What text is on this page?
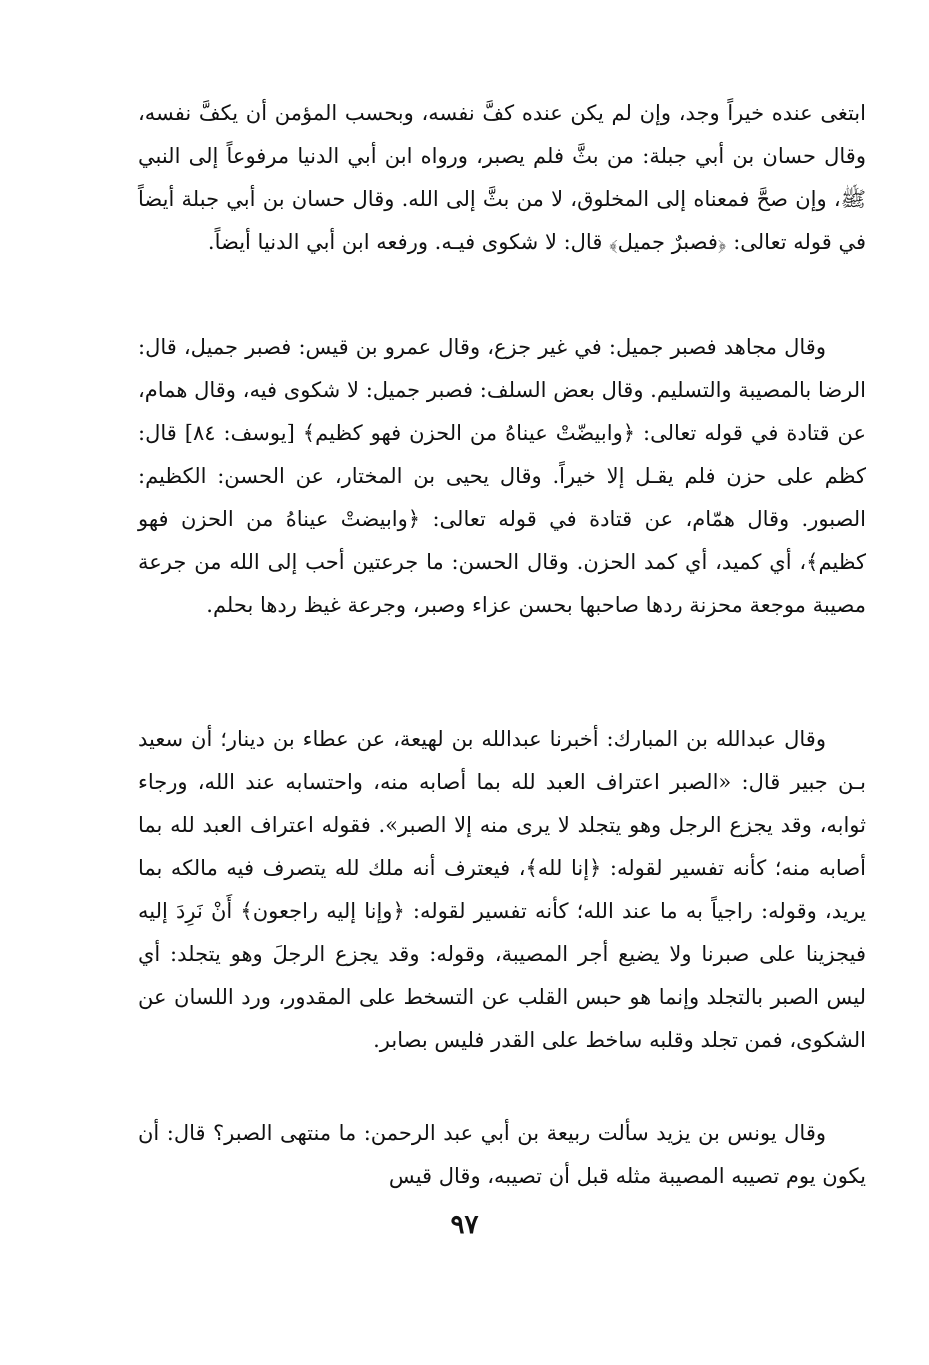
ابتغى عنده خيراً وجد، وإن لم يكن عنده كفَّ نفسه، وبحسب المؤمن أن يكفَّ نفسه، وقال حسان بن أبي جبلة: من بثَّ فلم يصبر، ورواه ابن أبي الدنيا مرفوعاً إلى النبي ﷺ، وإن صحَّ فمعناه إلى المخلوق، لا من بثَّ إلى الله. وقال حسان بن أبي جبلة أيضاً في قوله تعالى: ﴿فصبرٌ جميل﴾ قال: لا شكوى فيـه. ورفعه ابن أبي الدنيا أيضاً.

وقال مجاهد فصبر جميل: في غير جزع، وقال عمرو بن قيس: فصبر جميل، قال: الرضا بالمصيبة والتسليم. وقال بعض السلف: فصبر جميل: لا شكوى فيه، وقال همام، عن قتادة في قوله تعالى: ﴿وابيضّتْ عيناهُ من الحزن فهو كظيم﴾ [يوسف: ٨٤] قال: كظم على حزن فلم يقـل إلا خيراً. وقال يحيى بن المختار، عن الحسن: الكظيم: الصبور. وقال همّام، عن قتادة في قوله تعالى: ﴿وابيضتْ عيناهُ من الحزن فهو كظيم﴾، أي كميد، أي كمد الحزن. وقال الحسن: ما جرعتين أحب إلى الله من جرعة مصيبة موجعة محزنة ردها صاحبها بحسن عزاء وصبر، وجرعة غيظ ردها بحلم.

وقال عبدالله بن المبارك: أخبرنا عبدالله بن لهيعة، عن عطاء بن دينار؛ أن سعيد بـن جبير قال: «الصبر اعتراف العبد لله بما أصابه منه، واحتسابه عند الله، ورجاء ثوابه، وقد يجزع الرجل وهو يتجلد لا يرى منه إلا الصبر». فقوله اعتراف العبد لله بما أصابه منه؛ كأنه تفسير لقوله: ﴿إنا لله﴾، فيعترف أنه ملك لله يتصرف فيه مالكه بما يريد، وقوله: راجياً به ما عند الله؛ كأنه تفسير لقوله: ﴿وإنا إليه راجعون﴾ أَنْ نَرِدَ إليه فيجزينا على صبرنا ولا يضيع أجر المصيبة، وقوله: وقد يجزع الرجلَ وهو يتجلد: أي ليس الصبر بالتجلد وإنما هو حبس القلب عن التسخط على المقدور، ورد اللسان عن الشكوى، فمن تجلد وقلبه ساخط على القدر فليس بصابر.

وقال يونس بن يزيد سألت ربيعة بن أبي عبد الرحمن: ما منتهى الصبر؟ قال: أن يكون يوم تصيبه المصيبة مثله قبل أن تصيبه، وقال قيس

٩٧
